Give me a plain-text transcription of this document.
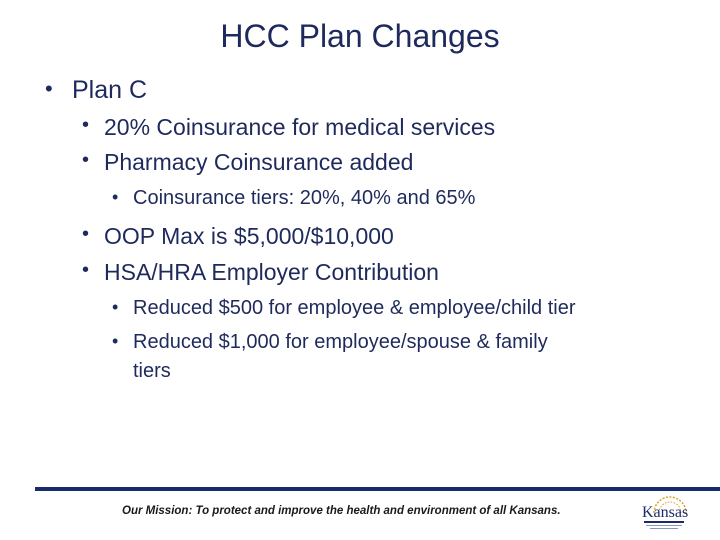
HCC Plan Changes
• Plan C
• 20% Coinsurance for medical services
• Pharmacy Coinsurance added
• Coinsurance tiers: 20%, 40% and 65%
• OOP Max is $5,000/$10,000
• HSA/HRA Employer Contribution
• Reduced $500 for employee & employee/child tier
• Reduced $1,000 for employee/spouse & family
tiers
Our Mission: To protect and improve the health and environment of all Kansans.	Kansas
